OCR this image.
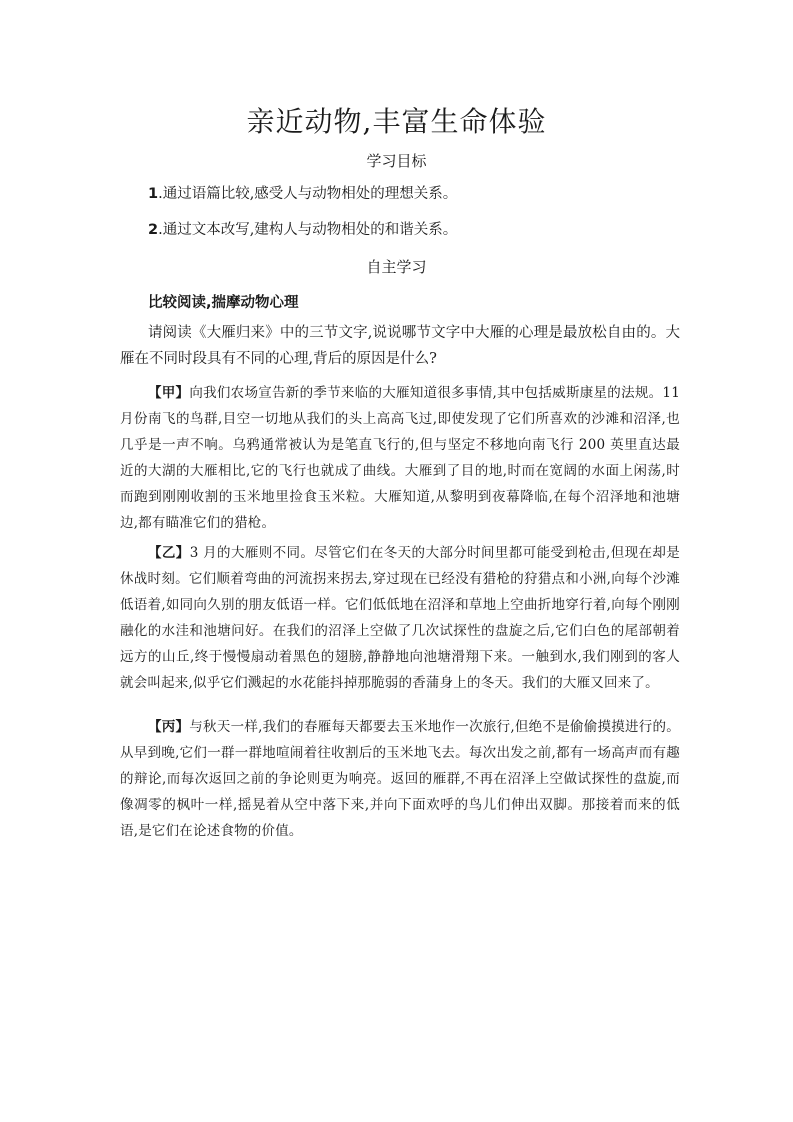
亲近动物,丰富生命体验
学习目标
1.通过语篇比较,感受人与动物相处的理想关系。
2.通过文本改写,建构人与动物相处的和谐关系。
自主学习
比较阅读,揣摩动物心理
请阅读《大雁归来》中的三节文字,说说哪节文字中大雁的心理是最放松自由的。大雁在不同时段具有不同的心理,背后的原因是什么?
【甲】向我们农场宣告新的季节来临的大雁知道很多事情,其中包括威斯康星的法规。11 月份南飞的鸟群,目空一切地从我们的头上高高飞过,即使发现了它们所喜欢的沙滩和沼泽,也几乎是一声不响。乌鸦通常被认为是笔直飞行的,但与坚定不移地向南飞行 200 英里直达最近的大湖的大雁相比,它的飞行也就成了曲线。大雁到了目的地,时而在宽阔的水面上闲荡,时而跑到刚刚收割的玉米地里捡食玉米粒。大雁知道,从黎明到夜幕降临,在每个沼泽地和池塘边,都有瞄准它们的猎枪。
【乙】3 月的大雁则不同。尽管它们在冬天的大部分时间里都可能受到枪击,但现在却是休战时刻。它们顺着弯曲的河流拐来拐去,穿过现在已经没有猎枪的狩猎点和小洲,向每个沙滩低语着,如同向久别的朋友低语一样。它们低低地在沼泽和草地上空曲折地穿行着,向每个刚刚融化的水洼和池塘问好。在我们的沼泽上空做了几次试探性的盘旋之后,它们白色的尾部朝着远方的山丘,终于慢慢扇动着黑色的翅膀,静静地向池塘滑翔下来。一触到水,我们刚到的客人就会叫起来,似乎它们溅起的水花能抖掉那脆弱的香蒲身上的冬天。我们的大雁又回来了。
【丙】与秋天一样,我们的春雁每天都要去玉米地作一次旅行,但绝不是偷偷摸摸进行的。从早到晚,它们一群一群地喧闹着往收割后的玉米地飞去。每次出发之前,都有一场高声而有趣的辩论,而每次返回之前的争论则更为响亮。返回的雁群,不再在沼泽上空做试探性的盘旋,而像凋零的枫叶一样,摇晃着从空中落下来,并向下面欢呼的鸟儿们伸出双脚。那接着而来的低语,是它们在论述食物的价值。
